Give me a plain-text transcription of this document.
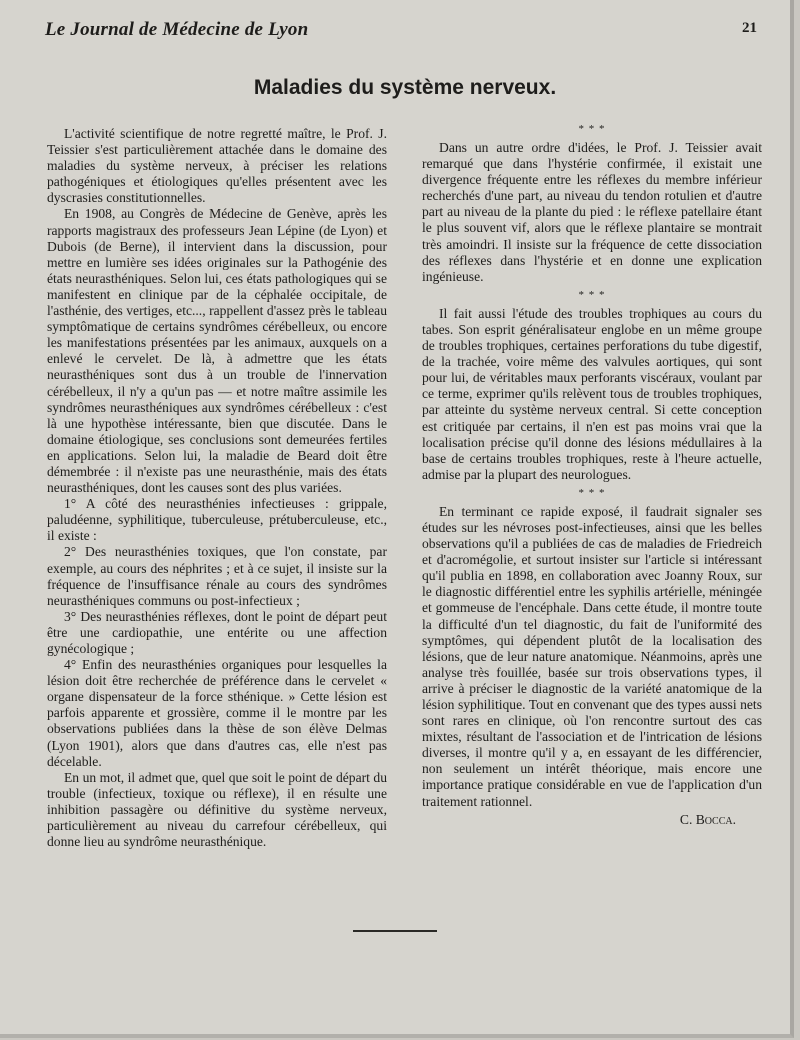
Le Journal de Médecine de Lyon	21
Maladies du système nerveux.

L'activité scientifique de notre regretté maître, le Prof. J. Teissier s'est particulièrement attachée dans le domaine des maladies du système nerveux, à préciser les relations pathogéniques et étiologiques qu'elles présentent avec les dyscrasies constitutionnelles.

En 1908, au Congrès de Médecine de Genève, après les rapports magistraux des professeurs Jean Lépine (de Lyon) et Dubois (de Berne), il intervient dans la discussion, pour mettre en lumière ses idées originales sur la Pathogénie des états neurasthéniques. Selon lui, ces états pathologiques qui se manifestent en clinique par de la céphalée occipitale, de l'asthénie, des vertiges, etc..., rappellent d'assez près le tableau symptômatique de certains syndrômes cérébelleux, ou encore les manifestations présentées par les animaux, auxquels on a enlevé le cervelet. De là, à admettre que les états neurasthéniques sont dus à un trouble de l'innervation cérébelleux, il n'y a qu'un pas — et notre maître assimile les syndrômes neurasthéniques aux syndrômes cérébelleux : c'est là une hypothèse intéressante, bien que discutée. Dans le domaine étiologique, ses conclusions sont demeurées fertiles en applications. Selon lui, la maladie de Beard doit être démembrée : il n'existe pas une neurasthénie, mais des états neurasthéniques, dont les causes sont des plus variées.

1° A côté des neurasthénies infectieuses : grippale, paludéenne, syphilitique, tuberculeuse, prétuberculeuse, etc., il existe :

2° Des neurasthénies toxiques, que l'on constate, par exemple, au cours des néphrites ; et à ce sujet, il insiste sur la fréquence de l'insuffisance rénale au cours des syndrômes neurasthéniques communs ou post-infectieux ;

3° Des neurasthénies réflexes, dont le point de départ peut être une cardiopathie, une entérite ou une affection gynécologique ;

4° Enfin des neurasthénies organiques pour lesquelles la lésion doit être recherchée de préférence dans le cervelet « organe dispensateur de la force sthénique. » Cette lésion est parfois apparente et grossière, comme il le montre par les observations publiées dans la thèse de son élève Delmas (Lyon 1901), alors que dans d'autres cas, elle n'est pas décelable.

En un mot, il admet que, quel que soit le point de départ du trouble (infectieux, toxique ou réflexe), il en résulte une inhibition passagère ou définitive du système nerveux, particulièrement au niveau du carrefour cérébelleux, qui donne lieu au syndrôme neurasthénique.

* * *

Dans un autre ordre d'idées, le Prof. J. Teissier avait remarqué que dans l'hystérie confirmée, il existait une divergence fréquente entre les réflexes du membre inférieur recherchés d'une part, au niveau du tendon rotulien et d'autre part au niveau de la plante du pied : le réflexe patellaire étant le plus souvent vif, alors que le réflexe plantaire se montrait très amoindri. Il insiste sur la fréquence de cette dissociation des réflexes dans l'hystérie et en donne une explication ingénieuse.

* * *

Il fait aussi l'étude des troubles trophiques au cours du tabes. Son esprit généralisateur englobe en un même groupe de troubles trophiques, certaines perforations du tube digestif, de la trachée, voire même des valvules aortiques, qui sont pour lui, de véritables maux perforants viscéraux, voulant par ce terme, exprimer qu'ils relèvent tous de troubles trophiques, par atteinte du système nerveux central. Si cette conception est critiquée par certains, il n'en est pas moins vrai que la localisation précise qu'il donne des lésions médullaires à la base de certains troubles trophiques, reste à l'heure actuelle, admise par la plupart des neurologues.

* * *

En terminant ce rapide exposé, il faudrait signaler ses études sur les névroses post-infectieuses, ainsi que les belles observations qu'il a publiées de cas de maladies de Friedreich et d'acromégolie, et surtout insister sur l'article si intéressant qu'il publia en 1898, en collaboration avec Joanny Roux, sur le diagnostic différentiel entre les syphilis artérielle, méningée et gommeuse de l'encéphale. Dans cette étude, il montre toute la difficulté d'un tel diagnostic, du fait de l'uniformité des symptômes, qui dépendent plutôt de la localisation des lésions, que de leur nature anatomique. Néanmoins, après une analyse très fouillée, basée sur trois observations types, il arrive à préciser le diagnostic de la variété anatomique de la lésion syphilitique. Tout en convenant que des types aussi nets sont rares en clinique, où l'on rencontre surtout des cas mixtes, résultant de l'association et de l'intrication de lésions diverses, il montre qu'il y a, en essayant de les différencier, non seulement un intérêt théorique, mais encore une importance pratique considérable en vue de l'application d'un traitement rationnel.

C. Bocca.
